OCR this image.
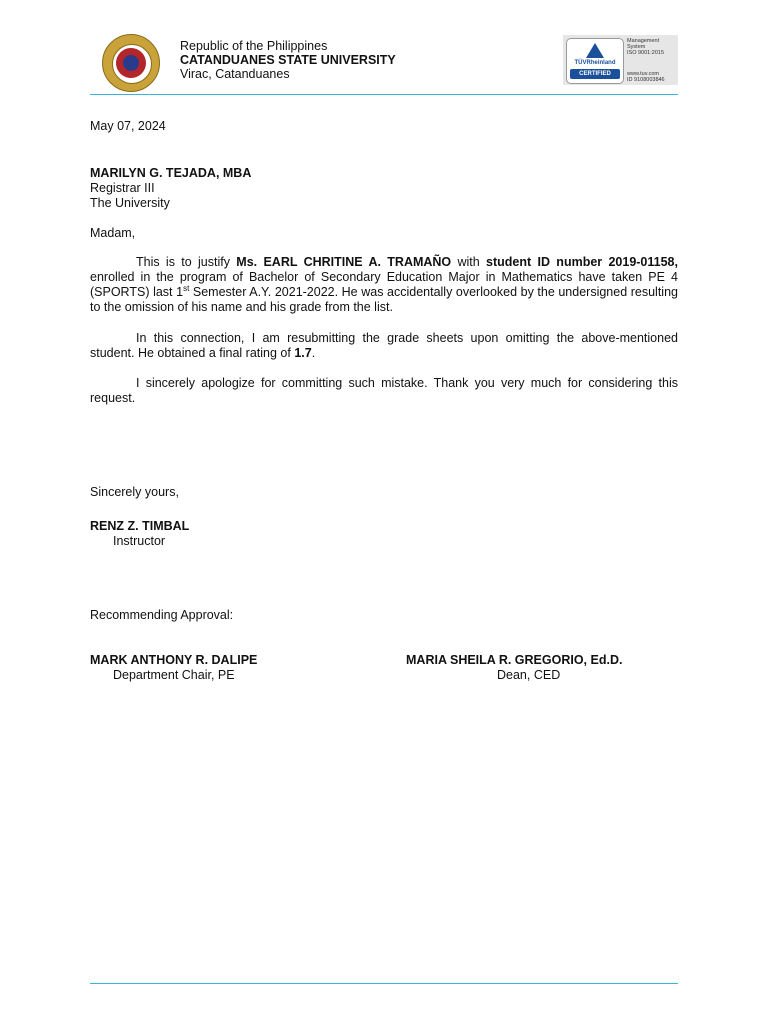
Republic of the Philippines
CATANDUANES STATE UNIVERSITY
Virac, Catanduanes
TÜVRheinland
CERTIFIED
Management
System
ISO 9001:2015
www.tuv.com
ID 9108003846
May 07, 2024
MARILYN G. TEJADA, MBA
Registrar III
The University
Madam,
This is to justify Ms. EARL CHRITINE A. TRAMAÑO with student ID number 2019-01158, enrolled in the program of Bachelor of Secondary Education Major in Mathematics have taken PE 4 (SPORTS) last 1st Semester A.Y. 2021-2022. He was accidentally overlooked by the undersigned resulting to the omission of his name and his grade from the list.
In this connection, I am resubmitting the grade sheets upon omitting the above-mentioned student. He obtained a final rating of 1.7.
I sincerely apologize for committing such mistake. Thank you very much for considering this request.
Sincerely yours,
RENZ Z. TIMBAL
Instructor
Recommending Approval:
MARK ANTHONY R. DALIPE
Department Chair, PE
MARIA SHEILA R. GREGORIO, Ed.D.
Dean, CED
